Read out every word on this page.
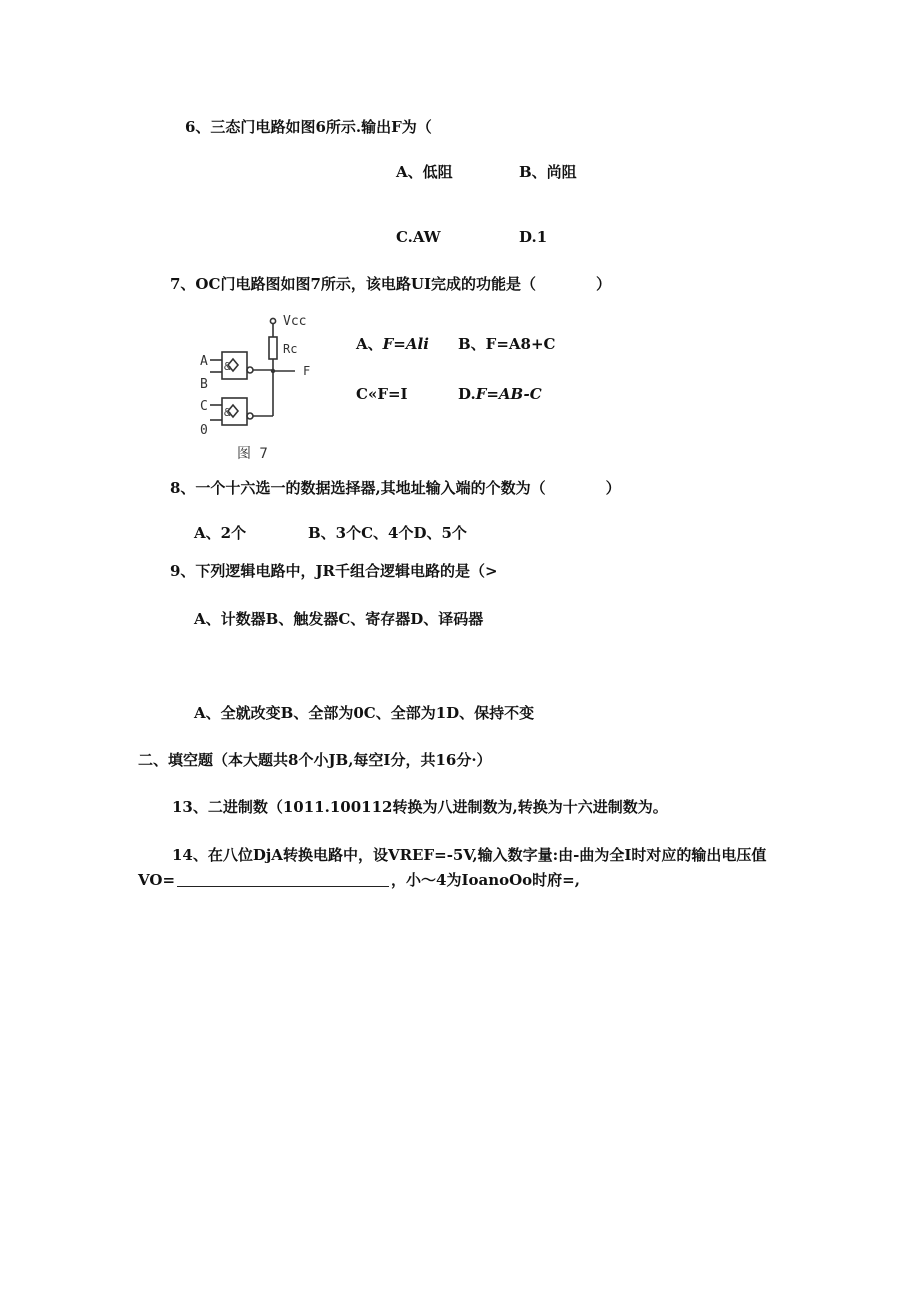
6、三态门电路如图6所示.输出F为（
A、低阻	B、尚阻
C.AW	D.1
7、OC门电路图如图7所示，该电路UI完成的功能是（　　　　）
Vcc
Rc
F
A
B
C
0
&
&
图 7
A、F=Ali B、F=A8+C
C«F=I	D.F=AB-C
8、一个十六选一的数据选择器,其地址输入端的个数为（　　　　）
A、2个	B、3个C、4个D、5个
9、下列逻辑电路中，JR千组合逻辑电路的是（>
A、计数器B、触发器C、寄存器D、译码器
A、全就改变B、全部为0C、全部为1D、保持不变
二、填空题（本大题共8个小JB,每空I分，共16分·）
13、二进制数（1011.100112转换为八进制数为,转换为十六进制数为。
14、在八位DjA转换电路中，设VREF=-5V,输入数字量:由-曲为全I时对应的输出电压值
VO=	，小〜4为IoanoOo时府=,
